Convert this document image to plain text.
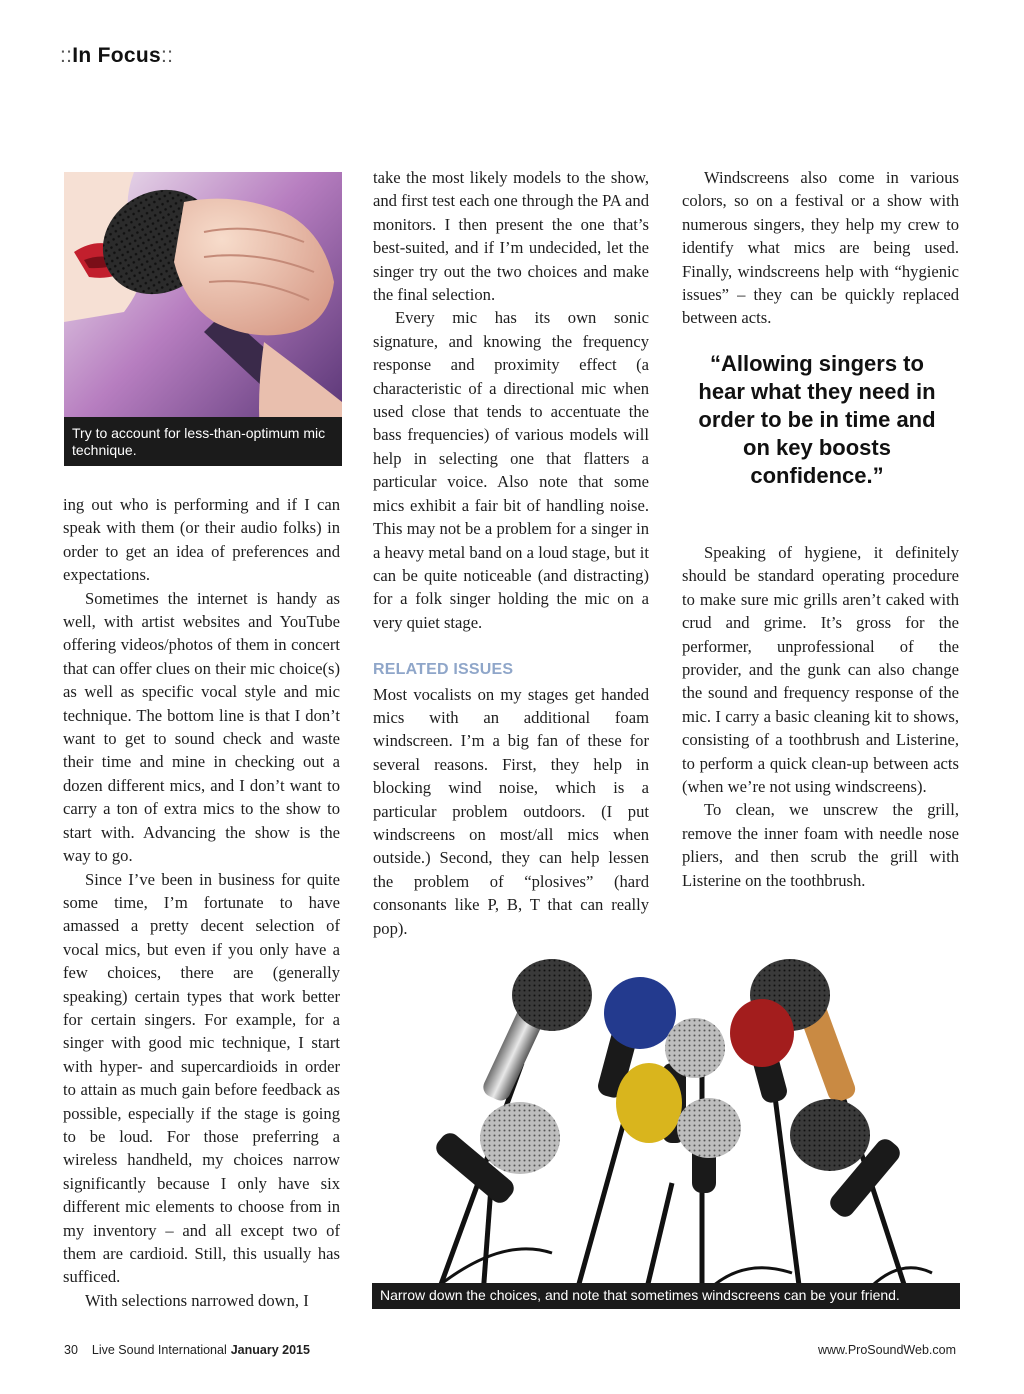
::In Focus::
Try to account for less-than-optimum mic technique.

ing out who is performing and if I can speak with them (or their audio folks) in order to get an idea of preferences and expectations.

Sometimes the internet is handy as well, with artist websites and YouTube offering videos/photos of them in concert that can offer clues on their mic choice(s) as well as specific vocal style and mic technique. The bottom line is that I don’t want to get to sound check and waste their time and mine in checking out a dozen different mics, and I don’t want to carry a ton of extra mics to the show to start with. Advancing the show is the way to go.

Since I’ve been in business for quite some time, I’m fortunate to have amassed a pretty decent selection of vocal mics, but even if you only have a few choices, there are (generally speaking) certain types that work better for certain singers. For example, for a singer with good mic technique, I start with hyper- and supercardioids in order to attain as much gain before feedback as possible, especially if the stage is going to be loud. For those preferring a wireless handheld, my choices narrow significantly because I only have six different mic elements to choose from in my inventory – and all except two of them are cardioid. Still, this usually has sufficed.

With selections narrowed down, I

take the most likely models to the show, and first test each one through the PA and monitors. I then present the one that’s best-suited, and if I’m undecided, let the singer try out the two choices and make the final selection.

Every mic has its own sonic signature, and knowing the frequency response and proximity effect (a characteristic of a directional mic when used close that tends to accentuate the bass frequencies) of various models will help in selecting one that flatters a particular voice. Also note that some mics exhibit a fair bit of handling noise. This may not be a problem for a singer in a heavy metal band on a loud stage, but it can be quite noticeable (and distracting) for a folk singer holding the mic on a very quiet stage.

RELATED ISSUES

Most vocalists on my stages get handed mics with an additional foam windscreen. I’m a big fan of these for several reasons. First, they help in blocking wind noise, which is a particular problem outdoors. (I put windscreens on most/all mics when outside.) Second, they can help lessen the problem of “plosives” (hard consonants like P, B, T that can really pop).

Windscreens also come in various colors, so on a festival or a show with numerous singers, they help my crew to identify what mics are being used. Finally, windscreens help with “hygienic issues” – they can be quickly replaced between acts.

“Allowing singers to hear what they need in order to be in time and on key boosts confidence.”

Speaking of hygiene, it definitely should be standard operating procedure to make sure mic grills aren’t caked with crud and grime. It’s gross for the performer, unprofessional of the provider, and the gunk can also change the sound and frequency response of the mic. I carry a basic cleaning kit to shows, consisting of a toothbrush and Listerine, to perform a quick clean-up between acts (when we’re not using windscreens).

To clean, we unscrew the grill, remove the inner foam with needle nose pliers, and then scrub the grill with Listerine on the toothbrush.

Narrow down the choices, and note that sometimes windscreens can be your friend.
30 Live Sound International January 2015	www.ProSoundWeb.com
